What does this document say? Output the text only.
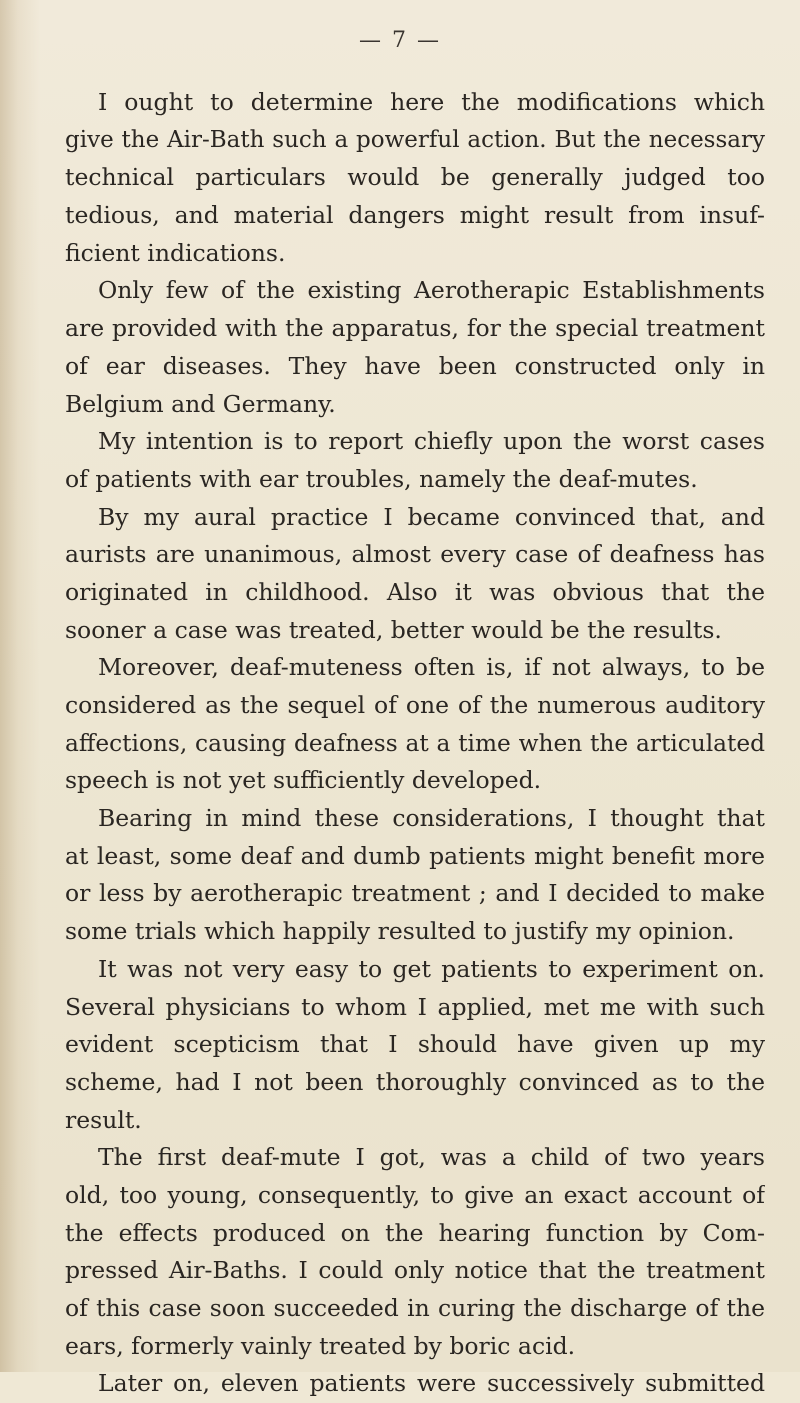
— 7 —
I ought to determine here the modifications which
give the Air-Bath such a powerful action. But the necessary
technical particulars would be generally judged too
tedious, and material dangers might result from insuf-
ficient indications.
Only few of the existing Aerotherapic Establishments
are provided with the apparatus, for the special treatment
of ear diseases. They have been constructed only in
Belgium and Germany.
My intention is to report chiefly upon the worst cases
of patients with ear troubles, namely the deaf-mutes.
By my aural practice I became convinced that, and
aurists are unanimous, almost every case of deafness has
originated in childhood. Also it was obvious that the
sooner a case was treated, better would be the results.
Moreover, deaf-muteness often is, if not always, to be
considered as the sequel of one of the numerous auditory
affections, causing deafness at a time when the articulated
speech is not yet sufficiently developed.
Bearing in mind these considerations, I thought that
at least, some deaf and dumb patients might benefit more
or less by aerotherapic treatment ; and I decided to make
some trials which happily resulted to justify my opinion.
It was not very easy to get patients to experiment on.
Several physicians to whom I applied, met me with such
evident scepticism that I should have given up my
scheme, had I not been thoroughly convinced as to the
result.
The first deaf-mute I got, was a child of two years
old, too young, consequently, to give an exact account of
the effects produced on the hearing function by Com-
pressed Air-Baths. I could only notice that the treatment
of this case soon succeeded in curing the discharge of the
ears, formerly vainly treated by boric acid.
Later on, eleven patients were successively submitted
